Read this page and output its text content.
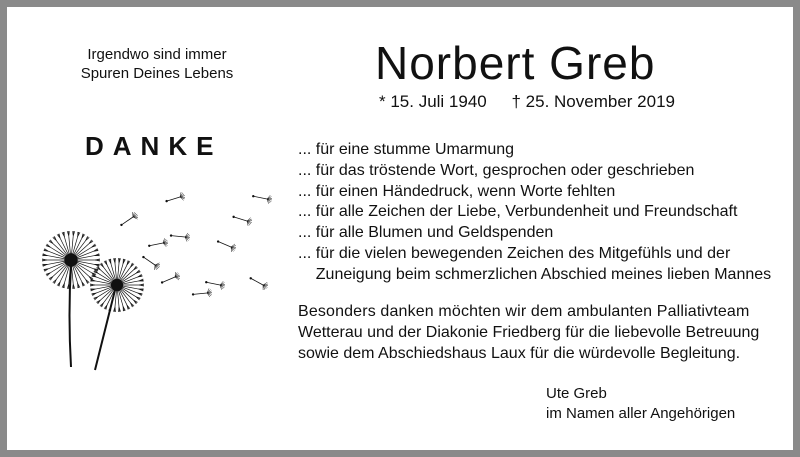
Irgendwo sind immer
Spuren Deines Lebens	Norbert Greb
* 15. Juli 1940 † 25. November 2019
DANKE	... für eine stumme Umarmung
... für das tröstende Wort, gesprochen oder geschrieben
... für einen Händedruck, wenn Worte fehlten
... für alle Zeichen der Liebe, Verbundenheit und Freundschaft
... für alle Blumen und Geldspenden
... für die vielen bewegenden Zeichen des Mitgefühls und der
Zuneigung beim schmerzlichen Abschied meines lieben Mannes
Besonders danken möchten wir dem ambulanten Palliativteam
Wetterau und der Diakonie Friedberg für die liebevolle Betreuung
sowie dem Abschiedshaus Laux für die würdevolle Begleitung.
Ute Greb
im Namen aller Angehörigen
